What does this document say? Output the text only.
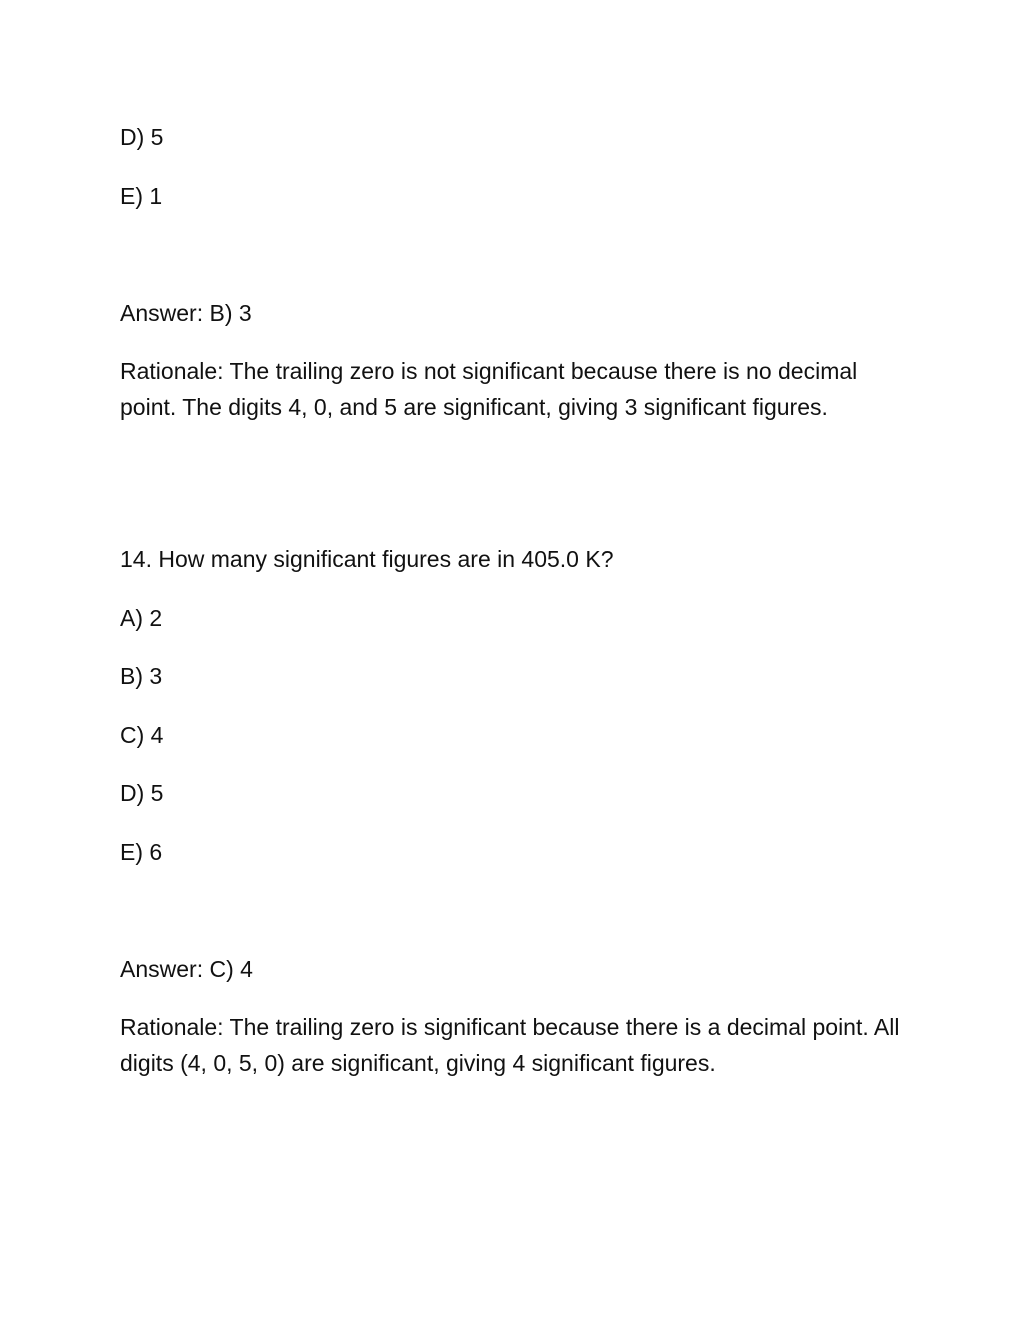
D) 5

E) 1

Answer: B) 3

Rationale: The trailing zero is not significant because there is no decimal point. The digits 4, 0, and 5 are significant, giving 3 significant figures.

14. How many significant figures are in 405.0 K?

A) 2

B) 3

C) 4

D) 5

E) 6

Answer: C) 4

Rationale: The trailing zero is significant because there is a decimal point. All digits (4, 0, 5, 0) are significant, giving 4 significant figures.
